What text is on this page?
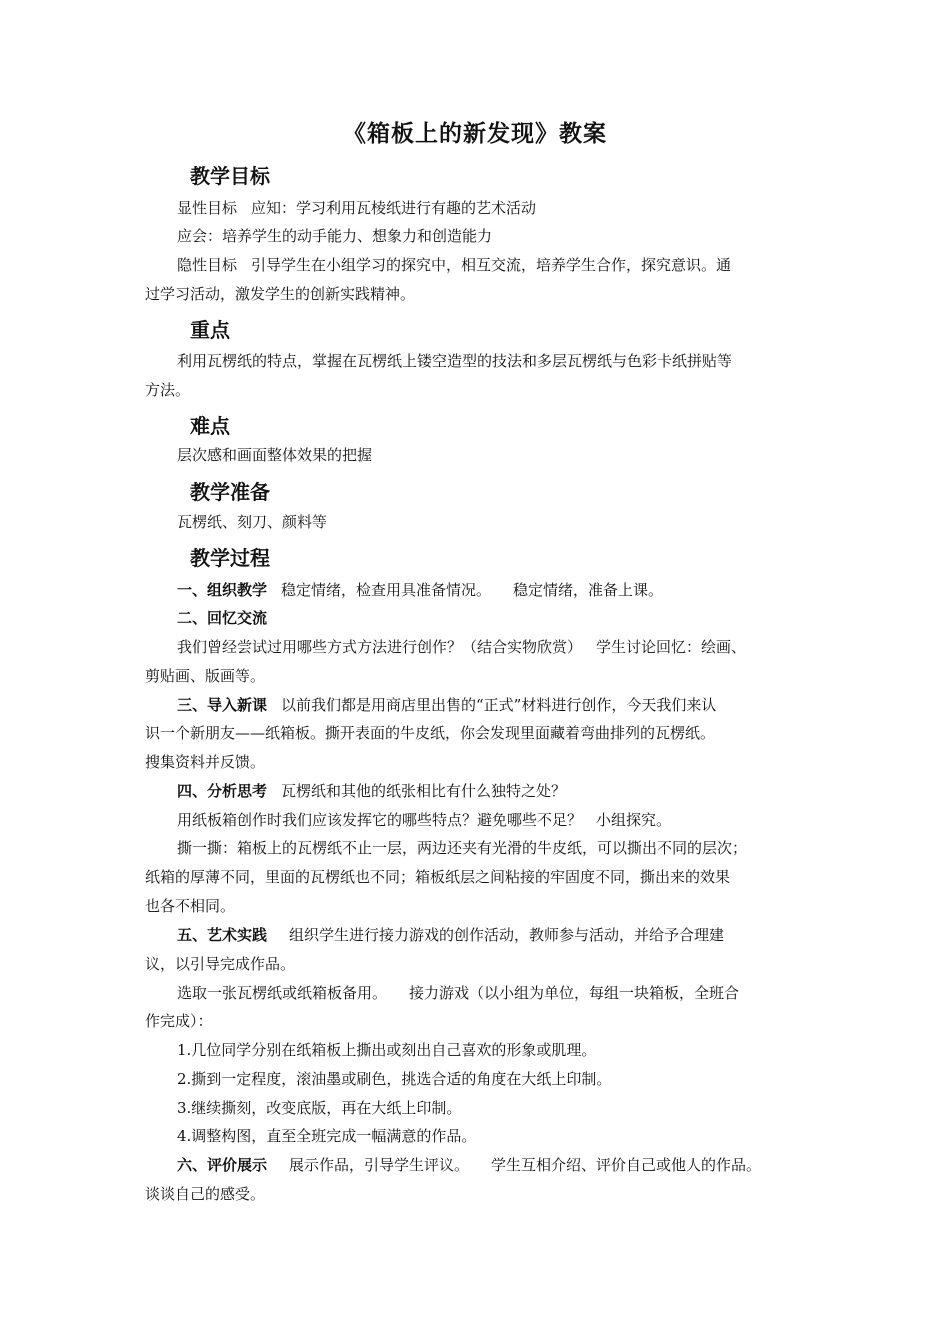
《箱板上的新发现》教案
教学目标
显性目标 应知：学习利用瓦棱纸进行有趣的艺术活动
应会：培养学生的动手能力、想象力和创造能力
隐性目标 引导学生在小组学习的探究中，相互交流，培养学生合作，探究意识。通
过学习活动，激发学生的创新实践精神。
重点
利用瓦楞纸的特点，掌握在瓦楞纸上镂空造型的技法和多层瓦楞纸与色彩卡纸拼贴等
方法。
难点
层次感和画面整体效果的把握
教学准备
瓦楞纸、刻刀、颜料等
教学过程
一、组织教学 稳定情绪，检查用具准备情况。 稳定情绪，准备上课。
二、回忆交流
我们曾经尝试过用哪些方式方法进行创作？（结合实物欣赏） 学生讨论回忆：绘画、
剪贴画、版画等。
三、导入新课 以前我们都是用商店里出售的“正式”材料进行创作，今天我们来认
识一个新朋友——纸箱板。撕开表面的牛皮纸，你会发现里面藏着弯曲排列的瓦楞纸。
搜集资料并反馈。
四、分析思考 瓦楞纸和其他的纸张相比有什么独特之处？
用纸板箱创作时我们应该发挥它的哪些特点？避免哪些不足？ 小组探究。
撕一撕：箱板上的瓦楞纸不止一层，两边还夹有光滑的牛皮纸，可以撕出不同的层次；
纸箱的厚薄不同，里面的瓦楞纸也不同；箱板纸层之间粘接的牢固度不同，撕出来的效果
也各不相同。
五、艺术实践 组织学生进行接力游戏的创作活动，教师参与活动，并给予合理建
议，以引导完成作品。
选取一张瓦楞纸或纸箱板备用。 接力游戏（以小组为单位，每组一块箱板，全班合
作完成）：
1.几位同学分别在纸箱板上撕出或刻出自己喜欢的形象或肌理。
2.撕到一定程度，滚油墨或刷色，挑选合适的角度在大纸上印制。
3.继续撕刻，改变底版，再在大纸上印制。
4.调整构图，直至全班完成一幅满意的作品。
六、评价展示 展示作品，引导学生评议。 学生互相介绍、评价自己或他人的作品。
谈谈自己的感受。
